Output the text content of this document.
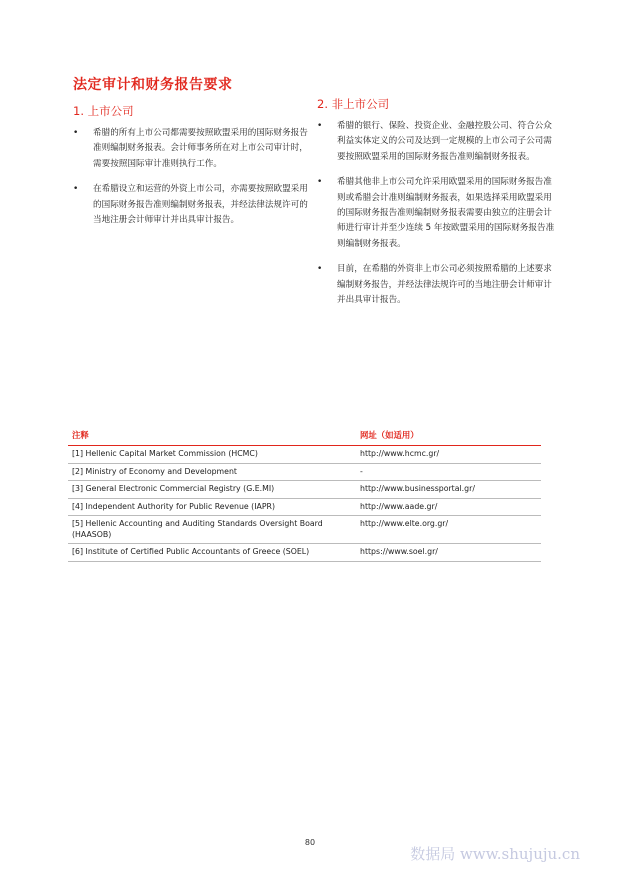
法定审计和财务报告要求
1. 上市公司
• 希腊的所有上市公司都需要按照欧盟采用的国际财务报告准则编制财务报表。会计师事务所在对上市公司审计时，需要按照国际审计准则执行工作。
• 在希腊设立和运营的外资上市公司，亦需要按照欧盟采用的国际财务报告准则编制财务报表，并经法律法规许可的当地注册会计师审计并出具审计报告。
2. 非上市公司
• 希腊的银行、保险、投资企业、金融控股公司、符合公众利益实体定义的公司及达到一定规模的上市公司子公司需要按照欧盟采用的国际财务报告准则编制财务报表。
• 希腊其他非上市公司允许采用欧盟采用的国际财务报告准则或希腊会计准则编制财务报表，如果选择采用欧盟采用的国际财务报告准则编制财务报表需要由独立的注册会计师进行审计并至少连续 5 年按欧盟采用的国际财务报告准则编制财务报表。
• 目前，在希腊的外资非上市公司必须按照希腊的上述要求编制财务报告，并经法律法规许可的当地注册会计师审计并出具审计报告。
注释	网址（如适用）
[1] Hellenic Capital Market Commission (HCMC)	http://www.hcmc.gr/
[2] Ministry of Economy and Development	-
[3] General Electronic Commercial Registry (G.E.MI)	http://www.businessportal.gr/
[4] Independent Authority for Public Revenue (IAPR)	http://www.aade.gr/
[5] Hellenic Accounting and Auditing Standards Oversight Board (HAASOB)	http://www.elte.org.gr/
[6] Institute of Certified Public Accountants of Greece (SOEL)	https://www.soel.gr/
80
数据局 www.shujuju.cn
